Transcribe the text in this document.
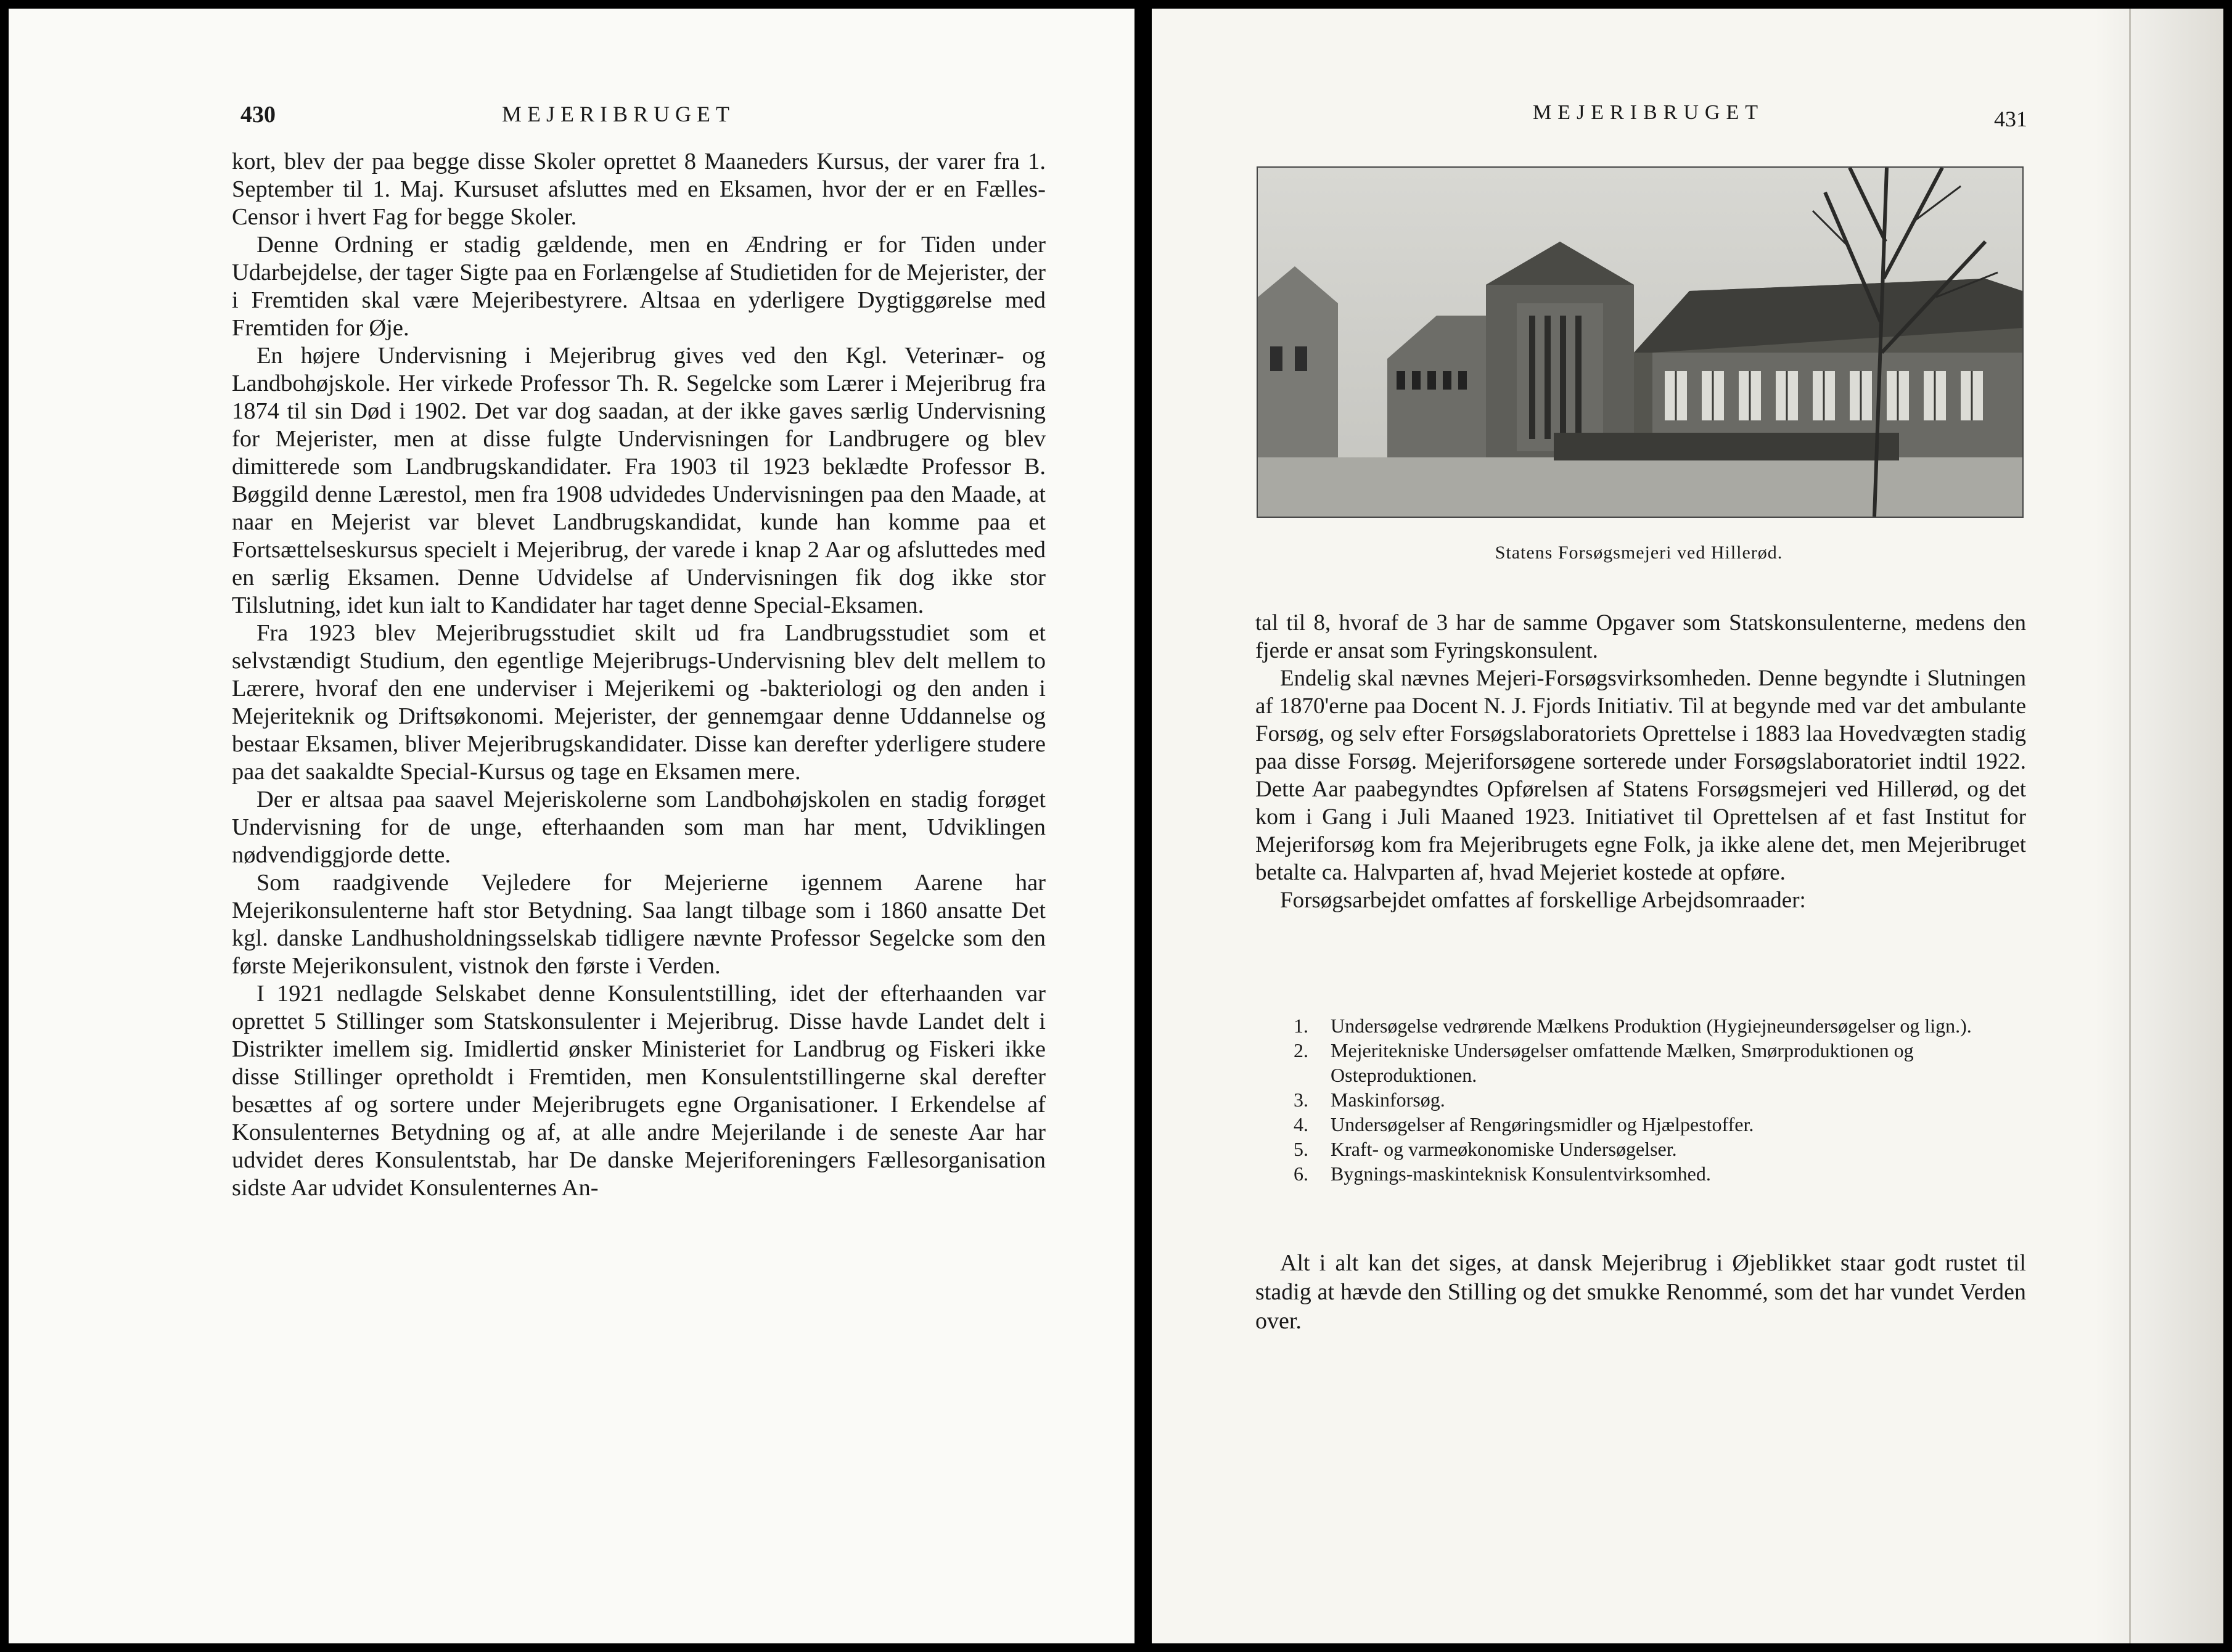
430	MEJERIBRUGET

kort, blev der paa begge disse Skoler oprettet 8 Maaneders Kursus, der varer fra 1. September til 1. Maj. Kursuset afsluttes med en Eksamen, hvor der er en Fælles-Censor i hvert Fag for begge Skoler.

Denne Ordning er stadig gældende, men en Ændring er for Tiden under Udarbejdelse, der tager Sigte paa en Forlængelse af Studietiden for de Mejerister, der i Fremtiden skal være Mejeribestyrere. Altsaa en yderligere Dygtiggørelse med Fremtiden for Øje.

En højere Undervisning i Mejeribrug gives ved den Kgl. Veterinær- og Landbohøjskole. Her virkede Professor Th. R. Segelcke som Lærer i Mejeribrug fra 1874 til sin Død i 1902. Det var dog saadan, at der ikke gaves særlig Undervisning for Mejerister, men at disse fulgte Undervisningen for Landbrugere og blev dimitterede som Landbrugskandidater. Fra 1903 til 1923 beklædte Professor B. Bøggild denne Lærestol, men fra 1908 udvidedes Undervisningen paa den Maade, at naar en Mejerist var blevet Landbrugskandidat, kunde han komme paa et Fortsættelseskursus specielt i Mejeribrug, der varede i knap 2 Aar og afsluttedes med en særlig Eksamen. Denne Udvidelse af Undervisningen fik dog ikke stor Tilslutning, idet kun ialt to Kandidater har taget denne Special-Eksamen.

Fra 1923 blev Mejeribrugsstudiet skilt ud fra Landbrugsstudiet som et selvstændigt Studium, den egentlige Mejeribrugs-Undervisning blev delt mellem to Lærere, hvoraf den ene underviser i Mejerikemi og -bakteriologi og den anden i Mejeriteknik og Driftsøkonomi. Mejerister, der gennemgaar denne Uddannelse og bestaar Eksamen, bliver Mejeribrugskandidater. Disse kan derefter yderligere studere paa det saakaldte Special-Kursus og tage en Eksamen mere.

Der er altsaa paa saavel Mejeriskolerne som Landbohøjskolen en stadig forøget Undervisning for de unge, efterhaanden som man har ment, Udviklingen nødvendiggjorde dette.

Som raadgivende Vejledere for Mejerierne igennem Aarene har Mejerikonsulenterne haft stor Betydning. Saa langt tilbage som i 1860 ansatte Det kgl. danske Landhusholdningsselskab tidligere nævnte Professor Segelcke som den første Mejerikonsulent, vistnok den første i Verden.

I 1921 nedlagde Selskabet denne Konsulentstilling, idet der efterhaanden var oprettet 5 Stillinger som Statskonsulenter i Mejeribrug. Disse havde Landet delt i Distrikter imellem sig. Imidlertid ønsker Ministeriet for Landbrug og Fiskeri ikke disse Stillinger opretholdt i Fremtiden, men Konsulentstillingerne skal derefter besættes af og sortere under Mejeribrugets egne Organisationer. I Erkendelse af Konsulenternes Betydning og af, at alle andre Mejerilande i de seneste Aar har udvidet deres Konsulentstab, har De danske Mejeriforeningers Fællesorganisation sidste Aar udvidet Konsulenternes An-

MEJERIBRUGET	431
Statens Forsøgsmejeri ved Hillerød.

tal til 8, hvoraf de 3 har de samme Opgaver som Statskonsulenterne, medens den fjerde er ansat som Fyringskonsulent.

Endelig skal nævnes Mejeri-Forsøgsvirksomheden. Denne begyndte i Slutningen af 1870'erne paa Docent N. J. Fjords Initiativ. Til at begynde med var det ambulante Forsøg, og selv efter Forsøgslaboratoriets Oprettelse i 1883 laa Hovedvægten stadig paa disse Forsøg. Mejeriforsøgene sorterede under Forsøgslaboratoriet indtil 1922. Dette Aar paabegyndtes Opførelsen af Statens Forsøgsmejeri ved Hillerød, og det kom i Gang i Juli Maaned 1923. Initiativet til Oprettelsen af et fast Institut for Mejeriforsøg kom fra Mejeribrugets egne Folk, ja ikke alene det, men Mejeribruget betalte ca. Halvparten af, hvad Mejeriet kostede at opføre.

Forsøgsarbejdet omfattes af forskellige Arbejdsomraader:

1. Undersøgelse vedrørende Mælkens Produktion (Hygiejneundersøgelser og lign.).
2. Mejeritekniske Undersøgelser omfattende Mælken, Smørproduktionen og Osteproduktionen.
3. Maskinforsøg.
4. Undersøgelser af Rengøringsmidler og Hjælpestoffer.
5. Kraft- og varmeøkonomiske Undersøgelser.
6. Bygnings-maskinteknisk Konsulentvirksomhed.

Alt i alt kan det siges, at dansk Mejeribrug i Øjeblikket staar godt rustet til stadig at hævde den Stilling og det smukke Renommé, som det har vundet Verden over.
